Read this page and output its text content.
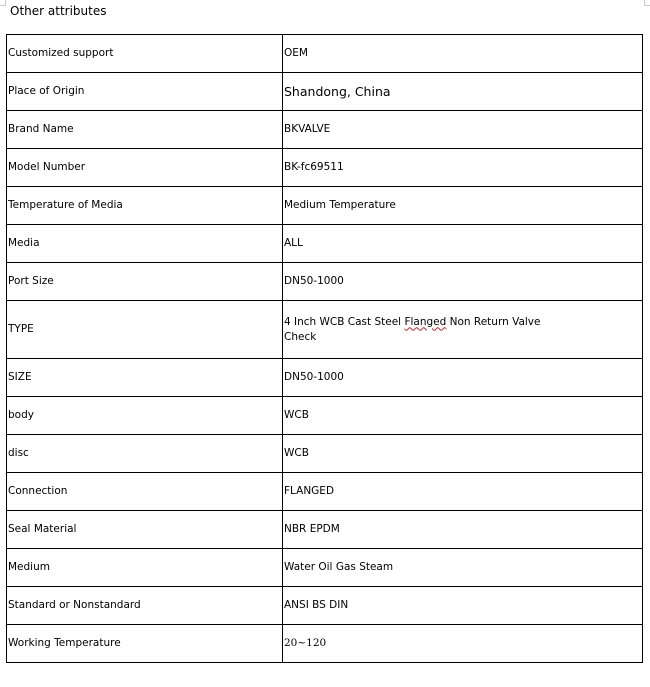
Other attributes
Customized support	OEM
Place of Origin	Shandong, China
Brand Name	BKVALVE
Model Number	BK-fc69511
Temperature of Media	Medium Temperature
Media	ALL
Port Size	DN50-1000
TYPE	4 Inch WCB Cast Steel Flanged Non Return Valve
Check
SIZE	DN50-1000
body	WCB
disc	WCB
Connection	FLANGED
Seal Material	NBR EPDM
Medium	Water Oil Gas Steam
Standard or Nonstandard	ANSI BS DIN
Working Temperature	20~120
